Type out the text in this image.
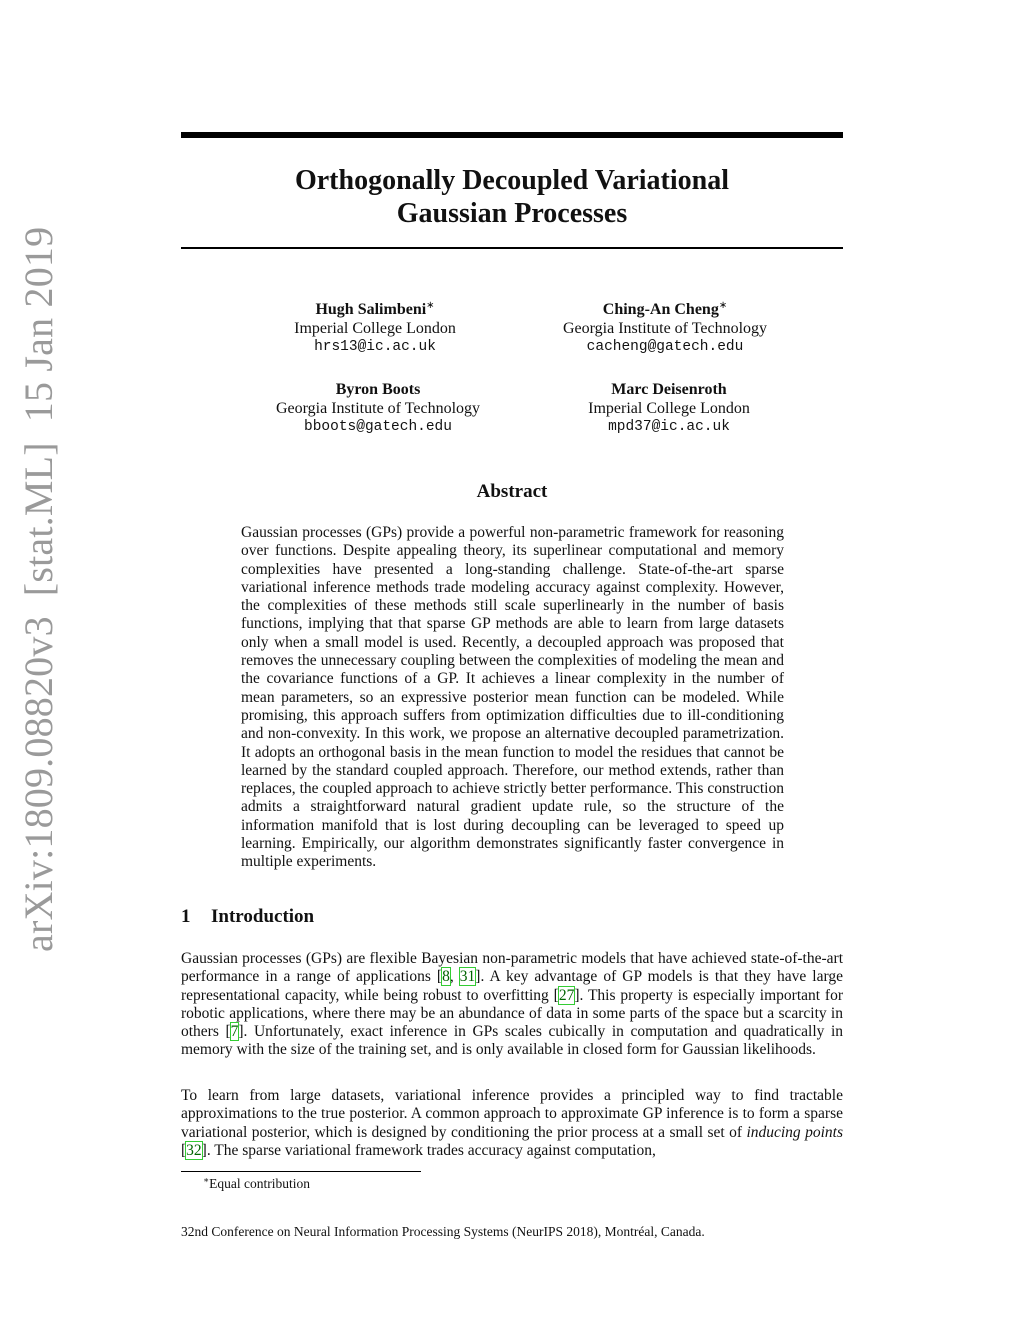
arXiv:1809.08820v3[stat.ML]15 Jan 2019
Orthogonally Decoupled Variational
Gaussian Processes
Hugh Salimbeni∗
Imperial College London
hrs13@ic.ac.uk
Ching-An Cheng∗
Georgia Institute of Technology
cacheng@gatech.edu
Byron Boots
Georgia Institute of Technology
bboots@gatech.edu
Marc Deisenroth
Imperial College London
mpd37@ic.ac.uk
Abstract
Gaussian processes (GPs) provide a powerful non-parametric framework for reasoning over functions. Despite appealing theory, its superlinear computational and memory complexities have presented a long-standing challenge. State-of-the-art sparse variational inference methods trade modeling accuracy against complexity. However, the complexities of these methods still scale superlinearly in the number of basis functions, implying that that sparse GP methods are able to learn from large datasets only when a small model is used. Recently, a decoupled approach was proposed that removes the unnecessary coupling between the complexities of modeling the mean and the covariance functions of a GP. It achieves a linear complexity in the number of mean parameters, so an expressive posterior mean function can be modeled. While promising, this approach suffers from optimization difficulties due to ill-conditioning and non-convexity. In this work, we propose an alternative decoupled parametrization. It adopts an orthogonal basis in the mean function to model the residues that cannot be learned by the standard coupled approach. Therefore, our method extends, rather than replaces, the coupled approach to achieve strictly better performance. This construction admits a straightforward natural gradient update rule, so the structure of the information manifold that is lost during decoupling can be leveraged to speed up learning. Empirically, our algorithm demonstrates significantly faster convergence in multiple experiments.
1 Introduction
Gaussian processes (GPs) are flexible Bayesian non-parametric models that have achieved state-of-the-art performance in a range of applications [8, 31]. A key advantage of GP models is that they have large representational capacity, while being robust to overfitting [27]. This property is especially important for robotic applications, where there may be an abundance of data in some parts of the space but a scarcity in others [7]. Unfortunately, exact inference in GPs scales cubically in computation and quadratically in memory with the size of the training set, and is only available in closed form for Gaussian likelihoods.
To learn from large datasets, variational inference provides a principled way to find tractable approximations to the true posterior. A common approach to approximate GP inference is to form a sparse variational posterior, which is designed by conditioning the prior process at a small set of inducing points [32]. The sparse variational framework trades accuracy against computation,
∗Equal contribution
32nd Conference on Neural Information Processing Systems (NeurIPS 2018), Montréal, Canada.
